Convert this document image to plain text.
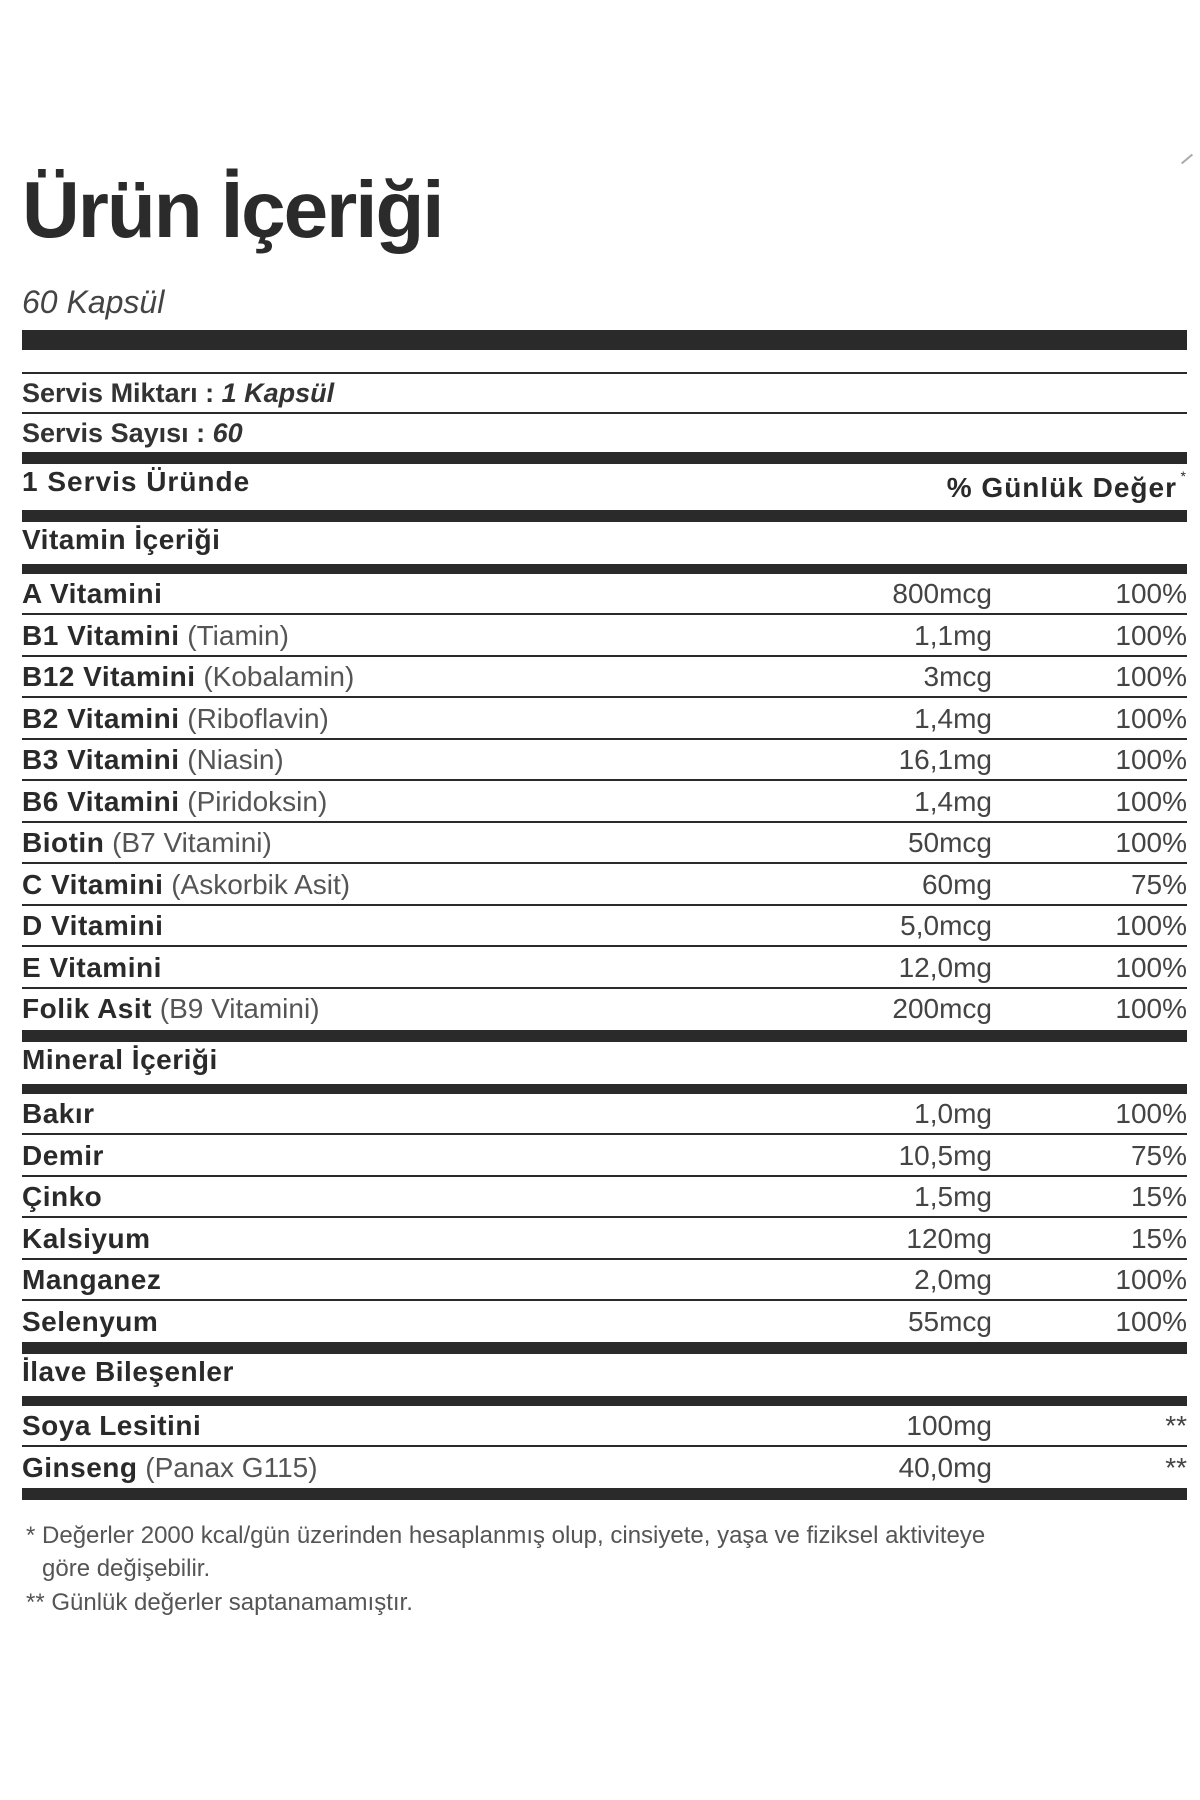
Ürün İçeriği
60 Kapsül
Servis Miktarı : 1 Kapsül
Servis Sayısı : 60
1 Servis Üründe	% Günlük Değer *
Vitamin İçeriği
A Vitamini	800mcg	100%
B1 Vitamini (Tiamin)	1,1mg	100%
B12 Vitamini (Kobalamin)	3mcg	100%
B2 Vitamini (Riboflavin)	1,4mg	100%
B3 Vitamini (Niasin)	16,1mg	100%
B6 Vitamini (Piridoksin)	1,4mg	100%
Biotin (B7 Vitamini)	50mcg	100%
C Vitamini (Askorbik Asit)	60mg	75%
D Vitamini	5,0mcg	100%
E Vitamini	12,0mg	100%
Folik Asit (B9 Vitamini)	200mcg	100%
Mineral İçeriği
Bakır	1,0mg	100%
Demir	10,5mg	75%
Çinko	1,5mg	15%
Kalsiyum	120mg	15%
Manganez	2,0mg	100%
Selenyum	55mcg	100%
İlave Bileşenler
Soya Lesitini	100mg	**
Ginseng (Panax G115)	40,0mg	**
* Değerler 2000 kcal/gün üzerinden hesaplanmış olup, cinsiyete, yaşa ve fiziksel aktiviteye
göre değişebilir.
** Günlük değerler saptanamamıştır.
